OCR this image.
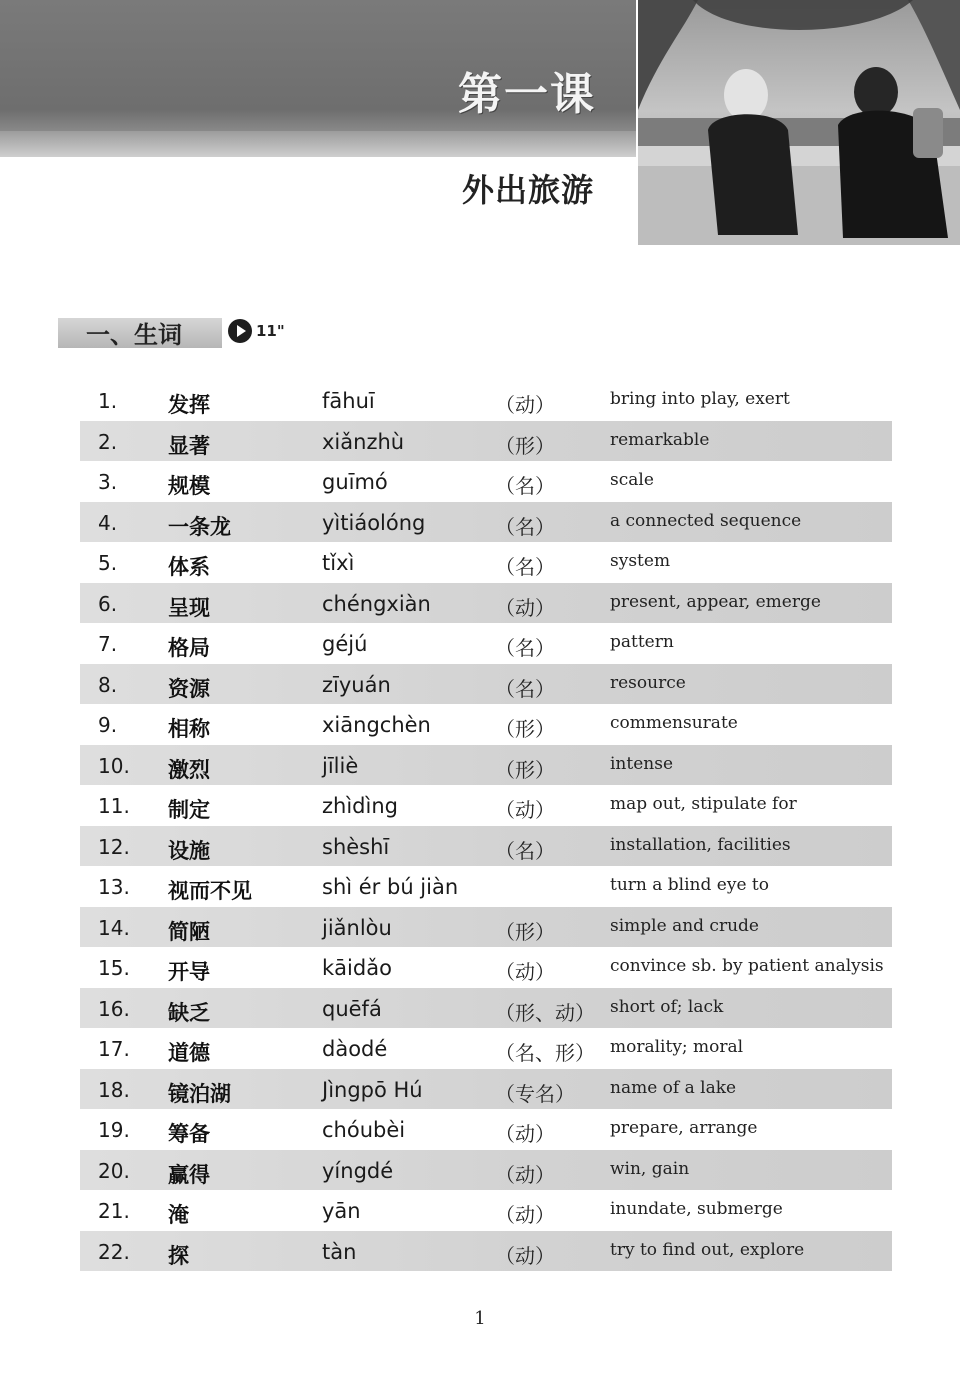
第一课
外出旅游
一、生词	11"
1.	发挥	fāhuī	（动）	bring into play, exert
2.	显著	xiǎnzhù	（形）	remarkable
3.	规模	guīmó	（名）	scale
4.	一条龙	yìtiáolóng	（名）	a connected sequence
5.	体系	tǐxì	（名）	system
6.	呈现	chéngxiàn	（动）	present, appear, emerge
7.	格局	géjú	（名）	pattern
8.	资源	zīyuán	（名）	resource
9.	相称	xiāngchèn	（形）	commensurate
10.	激烈	jīliè	（形）	intense
11.	制定	zhìdìng	（动）	map out, stipulate for
12.	设施	shèshī	（名）	installation, facilities
13.	视而不见	shì ér bú jiàn	turn a blind eye to
14.	简陋	jiǎnlòu	（形）	simple and crude
15.	开导	kāidǎo	（动）	convince sb. by patient analysis
16.	缺乏	quēfá	（形、动） short of; lack
17.	道德	dàodé	（名、形） morality; moral
18.	镜泊湖	Jìngpō Hú	（专名） name of a lake
19.	筹备	chóubèi	（动）	prepare, arrange
20.	赢得	yíngdé	（动）	win, gain
21.	淹	yān	（动）	inundate, submerge
22.	探	tàn	（动）	try to find out, explore
1
